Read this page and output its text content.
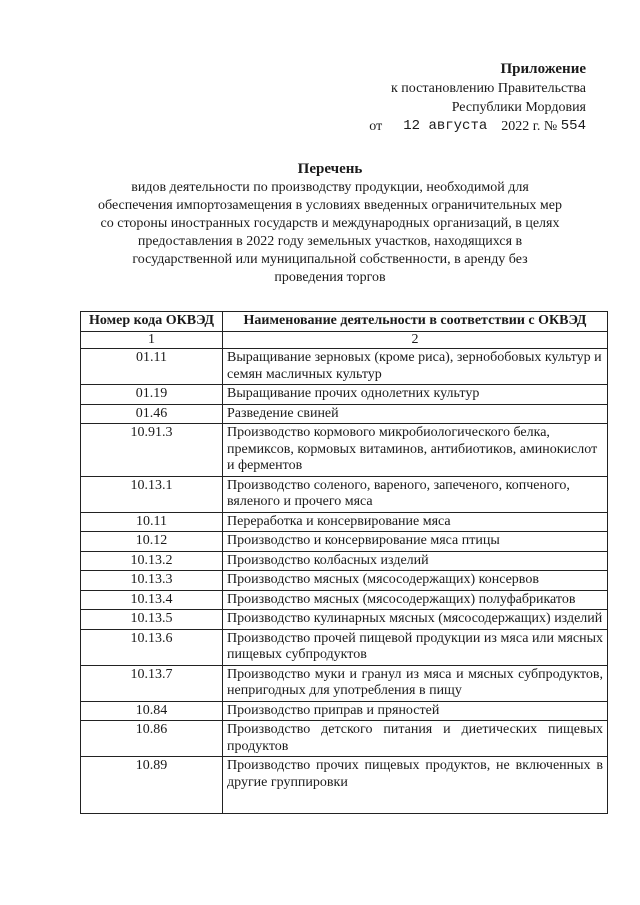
Приложение
к постановлению Правительства
Республики Мордовия
от
12 августа
2022 г. №
554
Перечень
видов деятельности по производству продукции, необходимой для
обеспечения импортозамещения в условиях введенных ограничительных мер
со стороны иностранных государств и международных организаций, в целях
предоставления в 2022 году земельных участков, находящихся в
государственной или муниципальной собственности, в аренду без
проведения торгов
Номер кода ОКВЭД	Наименование деятельности в соответствии с ОКВЭД
1	2
01.11	Выращивание зерновых (кроме риса), зернобобовых культур и семян масличных культур
01.19	Выращивание прочих однолетних культур
01.46	Разведение свиней
10.91.3	Производство кормового микробиологического белка, премиксов, кормовых витаминов, антибиотиков, аминокислот и ферментов
10.13.1	Производство соленого, вареного, запеченого, копченого, вяленого и прочего мяса
10.11	Переработка и консервирование мяса
10.12	Производство и консервирование мяса птицы
10.13.2	Производство колбасных изделий
10.13.3	Производство мясных (мясосодержащих) консервов
10.13.4	Производство мясных (мясосодержащих) полуфабрикатов
10.13.5	Производство кулинарных мясных (мясосодержащих) изделий
10.13.6	Производство прочей пищевой продукции из мяса или мясных пищевых субпродуктов
10.13.7	Производство муки и гранул из мяса и мясных субпродуктов, непригодных для употребления в пищу
10.84	Производство приправ и пряностей
10.86	Производство детского питания и диетических пищевых продуктов
10.89	Производство прочих пищевых продуктов, не включенных в другие группировки
